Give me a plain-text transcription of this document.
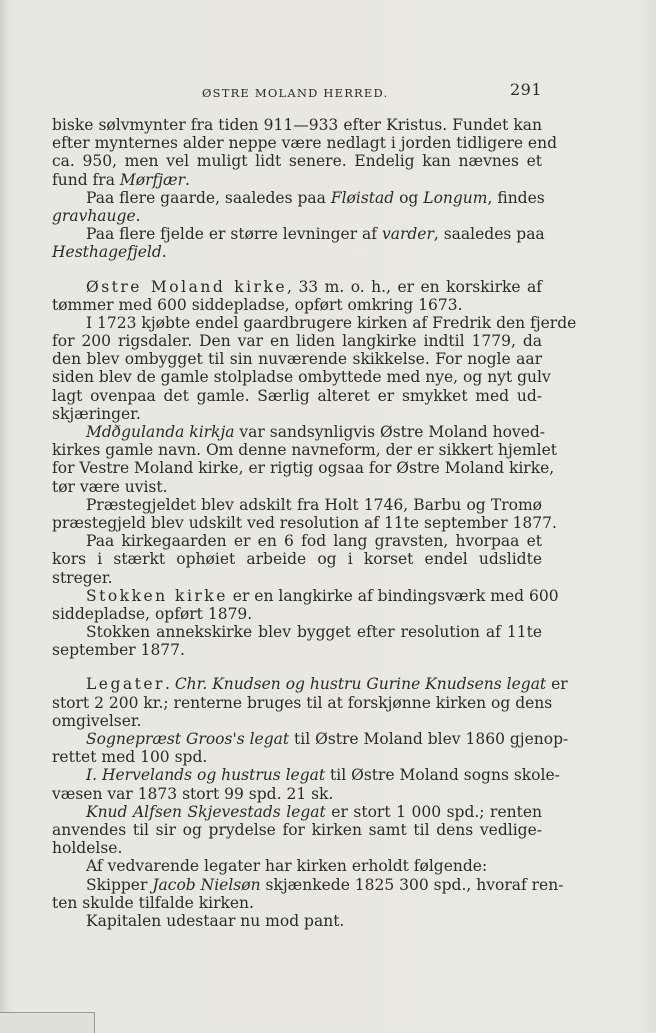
ØSTRE MOLAND HERRED.	291
biske sølvmynter fra tiden 911—933 efter Kristus. Fundet kan
efter mynternes alder neppe være nedlagt i jorden tidligere end
ca. 950, men vel muligt lidt senere. Endelig kan nævnes et
fund fra Mørfjær.
Paa flere gaarde, saaledes paa Fløistad og Longum, findes
gravhauge.
Paa flere fjelde er større levninger af varder, saaledes paa
Hesthagefjeld.
Østre Moland kirke, 33 m. o. h., er en korskirke af
tømmer med 600 siddepladse, opført omkring 1673.
I 1723 kjøbte endel gaardbrugere kirken af Fredrik den fjerde
for 200 rigsdaler. Den var en liden langkirke indtil 1779, da
den blev ombygget til sin nuværende skikkelse. For nogle aar
siden blev de gamle stolpladse ombyttede med nye, og nyt gulv
lagt ovenpaa det gamle. Særlig alteret er smykket med ud-
skjæringer.
Mdðgulanda kirkja var sandsynligvis Østre Moland hoved-
kirkes gamle navn. Om denne navneform, der er sikkert hjemlet
for Vestre Moland kirke, er rigtig ogsaa for Østre Moland kirke,
tør være uvist.
Præstegjeldet blev adskilt fra Holt 1746, Barbu og Tromø
præstegjeld blev udskilt ved resolution af 11te september 1877.
Paa kirkegaarden er en 6 fod lang gravsten, hvorpaa et
kors i stærkt ophøiet arbeide og i korset endel udslidte
streger.
Stokken kirke er en langkirke af bindingsværk med 600
siddepladse, opført 1879.
Stokken annekskirke blev bygget efter resolution af 11te
september 1877.
Legater. Chr. Knudsen og hustru Gurine Knudsens legat er
stort 2 200 kr.; renterne bruges til at forskjønne kirken og dens
omgivelser.
Sognepræst Groos's legat til Østre Moland blev 1860 gjenop-
rettet med 100 spd.
I. Hervelands og hustrus legat til Østre Moland sogns skole-
væsen var 1873 stort 99 spd. 21 sk.
Knud Alfsen Skjevestads legat er stort 1 000 spd.; renten
anvendes til sir og prydelse for kirken samt til dens vedlige-
holdelse.
Af vedvarende legater har kirken erholdt følgende:
Skipper Jacob Nielsøn skjænkede 1825 300 spd., hvoraf ren-
ten skulde tilfalde kirken.
Kapitalen udestaar nu mod pant.
